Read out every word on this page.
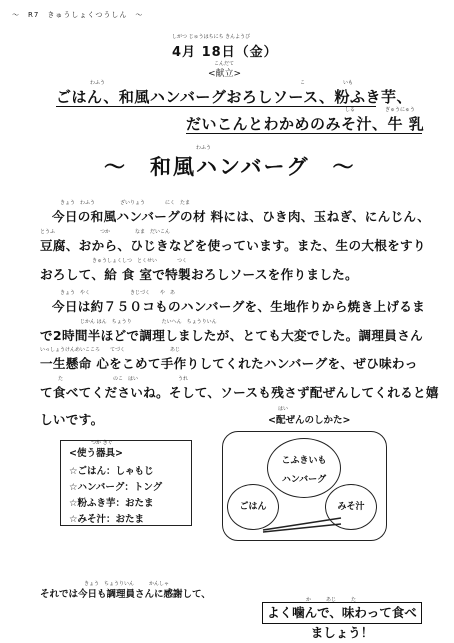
～　R7　きゅうしょくつうしん　～
しがつ じゅうはちにち きんようび
4月 18日（金）
こんだて
<献立>
わふう	こ	いも
ごはん、和風ハンバーグおろしソース、粉ふき芋、
しる	ぎゅうにゅう
だいこんとわかめのみそ汁、牛 乳
わふう
～　和風ハンバーグ　～
きょう　わふう　　　　　ざいりょう　　　　にく　たま
今日の和風ハンバーグの材 料には、ひき肉、玉ねぎ、にんじん、
とうふ　　　　　　　　　つか　　　　　なま　だいこん
豆腐、おから、ひじきなどを使っています。また、生の大根をすり
きゅうしょくしつ　とくせい　　　　つく
おろして、給 食 室で特製おろしソースを作りました。
きょう　やく　　　　　　　　きじづく　　や　あ
今日は約７５０コものハンバーグを、生地作りから焼き上げるま
じかん はん　ちょうり　　　　　　たいへん　ちょうりいん
で2時間半ほどで調理しましたが、とても大変でした。調理員さん
いっしょうけんめいこころ　　てづく　　　　　　　　　あじ
一生懸命 心をこめて手作りしてくれたハンバーグを、ぜひ味わっ
た　　　　　　　　　　のこ　はい　　　　　　　　うれ
て食べてくださいね。そして、ソースも残さず配ぜんしてくれると嬉
しいです。
つか きぐ
<使う器具>
☆ごはん：しゃもじ
☆ハンバーグ：トング
☆粉ふき芋：おたま
☆みそ汁：おたま
はい
<配ぜんのしかた>
こふきいも
ハンバーグ
ごはん	みそ汁
きょう　ちょうりいん　　　かんしゃ
それでは今日も調理員さんに感謝して、	か　　　あじ　　　た
よく噛んで、味わって食べましょう！
